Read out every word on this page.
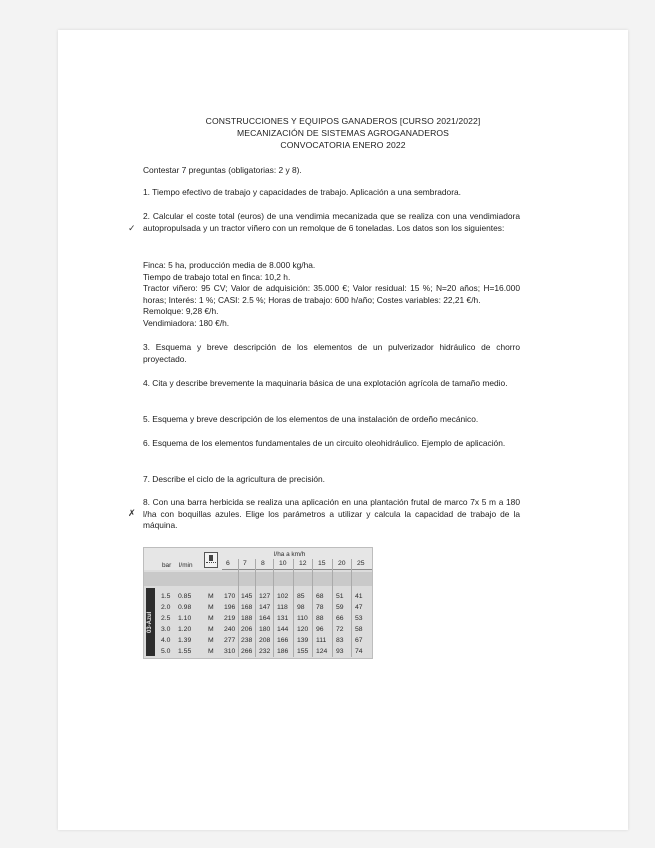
CONSTRUCCIONES Y EQUIPOS GANADEROS [CURSO 2021/2022]
MECANIZACIÓN DE SISTEMAS AGROGANADEROS
CONVOCATORIA ENERO 2022
Contestar 7 preguntas (obligatorias: 2 y 8).
1. Tiempo efectivo de trabajo y capacidades de trabajo. Aplicación a una sembradora.
2. Calcular el coste total (euros) de una vendimia mecanizada que se realiza con una vendimiadora autopropulsada y un tractor viñero con un remolque de 6 toneladas. Los datos son los siguientes:
✓
Finca: 5 ha, producción media de 8.000 kg/ha.
Tiempo de trabajo total en finca: 10,2 h.
Tractor viñero: 95 CV; Valor de adquisición: 35.000 €; Valor residual: 15 %; N=20 años; H=16.000 horas; Interés: 1 %; CASI: 2.5 %; Horas de trabajo: 600 h/año; Costes variables: 22,21 €/h.
Remolque: 9,28 €/h.
Vendimiadora: 180 €/h.
3. Esquema y breve descripción de los elementos de un pulverizador hidráulico de chorro proyectado.
4. Cita y describe brevemente la maquinaria básica de una explotación agrícola de tamaño medio.
5. Esquema y breve descripción de los elementos de una instalación de ordeño mecánico.
6. Esquema de los elementos fundamentales de un circuito oleohidráulico. Ejemplo de aplicación.
7. Describe el ciclo de la agricultura de precisión.
8. Con una barra herbicida se realiza una aplicación en una plantación frutal de marco 7x 5 m a 180 l/ha con boquillas azules. Elige los parámetros a utilizar y calcula la capacidad de trabajo de la máquina.
✗
03-Azul
bar l/min
l/ha a km/h
6 7 8 10 12 15 20 25
1.5 0.85 M 170 145 127 102 85 68 51 41
2.0 0.98 M 196 168 147 118 98 78 59 47
2.5 1.10 M 219 188 164 131 110 88 66 53
3.0 1.20 M 240 206 180 144 120 96 72 58
4.0 1.39 M 277 238 208 166 139 111 83 67
5.0 1.55 M 310 266 232 186 155 124 93 74
